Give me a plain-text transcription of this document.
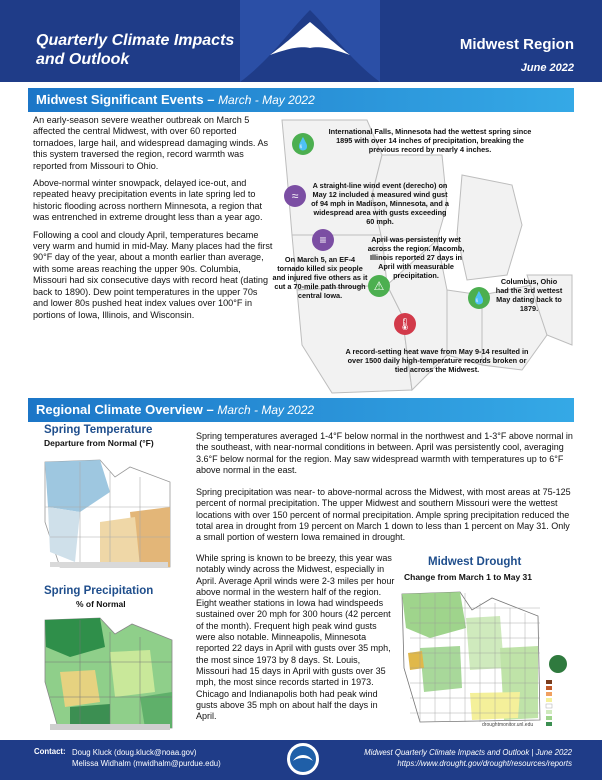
Quarterly Climate Impacts
and Outlook
Midwest Region
June 2022
Midwest Significant Events – March - May 2022

An early-season severe weather outbreak on March 5 affected the central Midwest, with over 60 reported tornadoes, large hail, and widespread damaging winds. As this system traversed the region, record warmth was reported from Missouri to Ohio.

Above-normal winter snowpack, delayed ice-out, and repeated heavy precipitation events in late spring led to historic flooding across northern Minnesota, a region that was entrenched in extreme drought less than a year ago.

Following a cool and cloudy April, temperatures became very warm and humid in mid-May. Many places had the first 90°F day of the year, about a month earlier than average, with some areas reaching the upper 90s. Columbia, Missouri had six consecutive days with record heat (dating back to 1890). Dew point temperatures in the upper 70s and lower 80s pushed heat index values over 100°F in portions of Iowa, Illinois, and Wisconsin.

💧
International Falls, Minnesota had the wettest spring since 1895 with over 14 inches of precipitation, breaking the previous record by nearly 4 inches.
≈
A straight-line wind event (derecho) on May 12 included a measured wind gust of 94 mph in Madison, Minnesota, and a widespread area with gusts exceeding 60 mph.
April was persistently wet across the region. Macomb, Illinois reported 27 days in April with measurable precipitation.
⚠
≡
On March 5, an EF-4 tornado killed six people and injured five others as it cut a 70-mile path through central Iowa.	💧
Columbus, Ohio had the 3rd wettest May dating back to 1879.
🌡
A record-setting heat wave from May 9-14 resulted in over 1500 daily high-temperature records broken or tied across the Midwest.
Regional Climate Overview – March - May 2022
Spring Temperature
Departure from Normal (°F)
Spring Precipitation
% of Normal
Spring temperatures averaged 1-4°F below normal in the northwest and 1-3°F above normal in the southeast, with near-normal conditions in between. April was persistently cool, averaging 3.6°F below normal for the region. May saw widespread warmth with temperatures up to 6°F above normal in the east.
Spring precipitation was near- to above-normal across the Midwest, with most areas at 75-125 percent of normal precipitation. The upper Midwest and southern Missouri were the wettest locations with over 150 percent of normal precipitation. Ample spring precipitation reduced the total area in drought from 19 percent on March 1 down to less than 1 percent on May 31. Only a small portion of western Iowa remained in drought.
While spring is known to be breezy, this year was notably windy across the Midwest, especially in April. Average April winds were 2-3 miles per hour above normal in the western half of the region. Eight weather stations in Iowa had windspeeds sustained over 20 mph for 300 hours (42 percent of the month). Frequent high peak wind gusts were also notable. Minneapolis, Minnesota reported 22 days in April with gusts over 35 mph, the most since 1973 by 8 days. St. Louis, Missouri had 15 days in April with gusts over 35 mph, the most since records started in 1973. Chicago and Indianapolis both had peak wind gusts above 35 mph on about half the days in April.
Midwest Drought
Change from March 1 to May 31
droughtmonitor.unl.edu
Contact: Doug Kluck (doug.kluck@noaa.gov)
Melissa Widhalm (mwidhalm@purdue.edu)
Midwest Quarterly Climate Impacts and Outlook | June 2022
https://www.drought.gov/drought/resources/reports
